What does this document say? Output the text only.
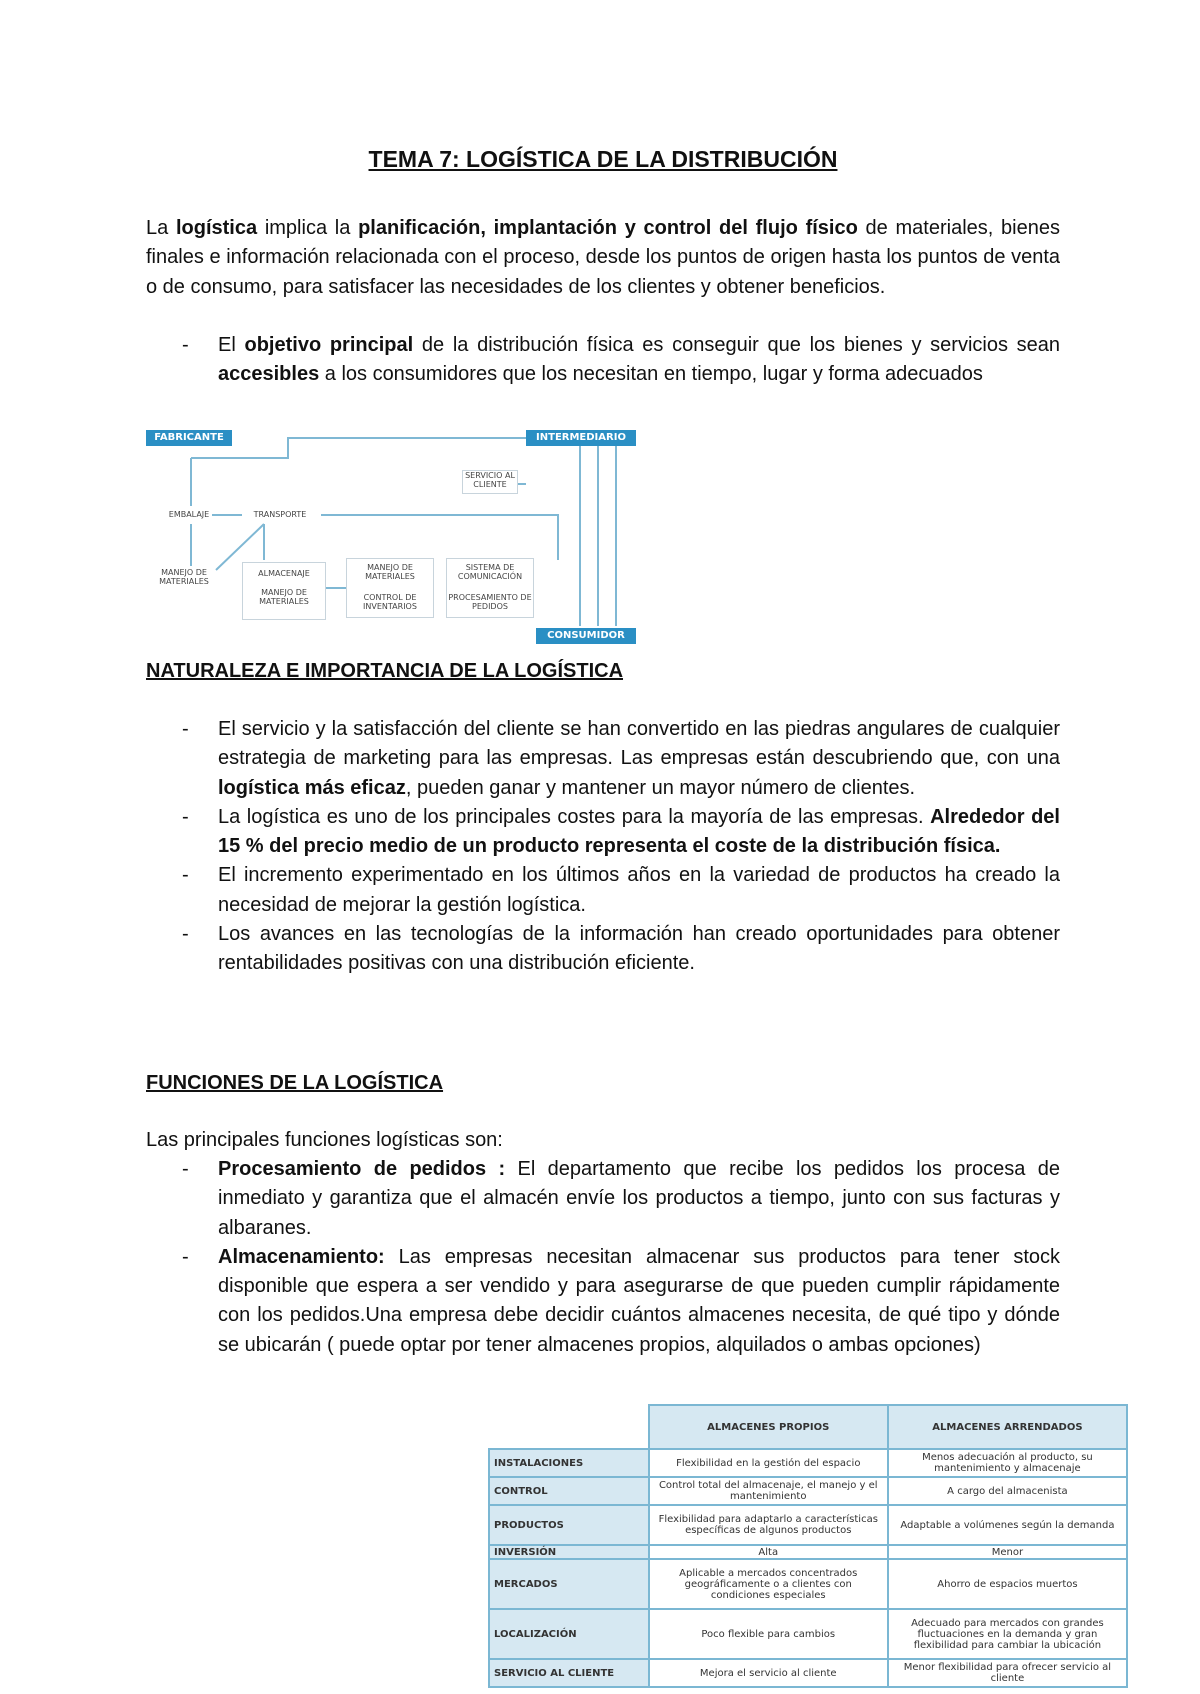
TEMA 7: LOGÍSTICA DE LA DISTRIBUCIÓN

La logística implica la planificación, implantación y control del flujo físico de materiales, bienes finales e información relacionada con el proceso, desde los puntos de origen hasta los puntos de venta o de consumo, para satisfacer las necesidades de los clientes y obtener beneficios.

- El objetivo principal de la distribución física es conseguir que los bienes y servicios sean accesibles a los consumidores que los necesitan en tiempo, lugar y forma adecuados
NATURALEZA E IMPORTANCIA DE LA LOGÍSTICA
- El servicio y la satisfacción del cliente se han convertido en las piedras angulares de cualquier estrategia de marketing para las empresas. Las empresas están descubriendo que, con una logística más eficaz, pueden ganar y mantener un mayor número de clientes.
- La logística es uno de los principales costes para la mayoría de las empresas. Alrededor del 15 % del precio medio de un producto representa el coste de la distribución física.
- El incremento experimentado en los últimos años en la variedad de productos ha creado la necesidad de mejorar la gestión logística.
- Los avances en las tecnologías de la información han creado oportunidades para obtener rentabilidades positivas con una distribución eficiente.
FUNCIONES DE LA LOGÍSTICA

Las principales funciones logísticas son:

- Procesamiento de pedidos : El departamento que recibe los pedidos los procesa de inmediato y garantiza que el almacén envíe los productos a tiempo, junto con sus facturas y albaranes.
- Almacenamiento: Las empresas necesitan almacenar sus productos para tener stock disponible que espera a ser vendido y para asegurarse de que pueden cumplir rápidamente con los pedidos.Una empresa debe decidir cuántos almacenes necesita, de qué tipo y dónde se ubicarán ( puede optar por tener almacenes propios, alquilados o ambas opciones)
FABRICANTE	INTERMEDIARIO
CONSUMIDOR
EMBALAJE	TRANSPORTE
SERVICIO AL CLIENTE
MANEJO DE MATERIALES
ALMACENAJE
MANEJO DE MATERIALES
MANEJO DE MATERIALES
CONTROL DE INVENTARIOS
SISTEMA DE COMUNICACIÓN
PROCESAMIENTO DE PEDIDOS
	ALMACENES PROPIOS	ALMACENES ARRENDADOS
INSTALACIONES	Flexibilidad en la gestión del espacio	Menos adecuación al producto, su mantenimiento y almacenaje
CONTROL	Control total del almacenaje, el manejo y el mantenimiento	A cargo del almacenista
PRODUCTOS	Flexibilidad para adaptarlo a características específicas de algunos productos	Adaptable a volúmenes según la demanda
INVERSIÓN	Alta	Menor
MERCADOS	Aplicable a mercados concentrados geográficamente o a clientes con condiciones especiales	Ahorro de espacios muertos
LOCALIZACIÓN	Poco flexible para cambios	Adecuado para mercados con grandes fluctuaciones en la demanda y gran flexibilidad para cambiar la ubicación
SERVICIO AL CLIENTE	Mejora el servicio al cliente	Menor flexibilidad para ofrecer servicio al cliente
